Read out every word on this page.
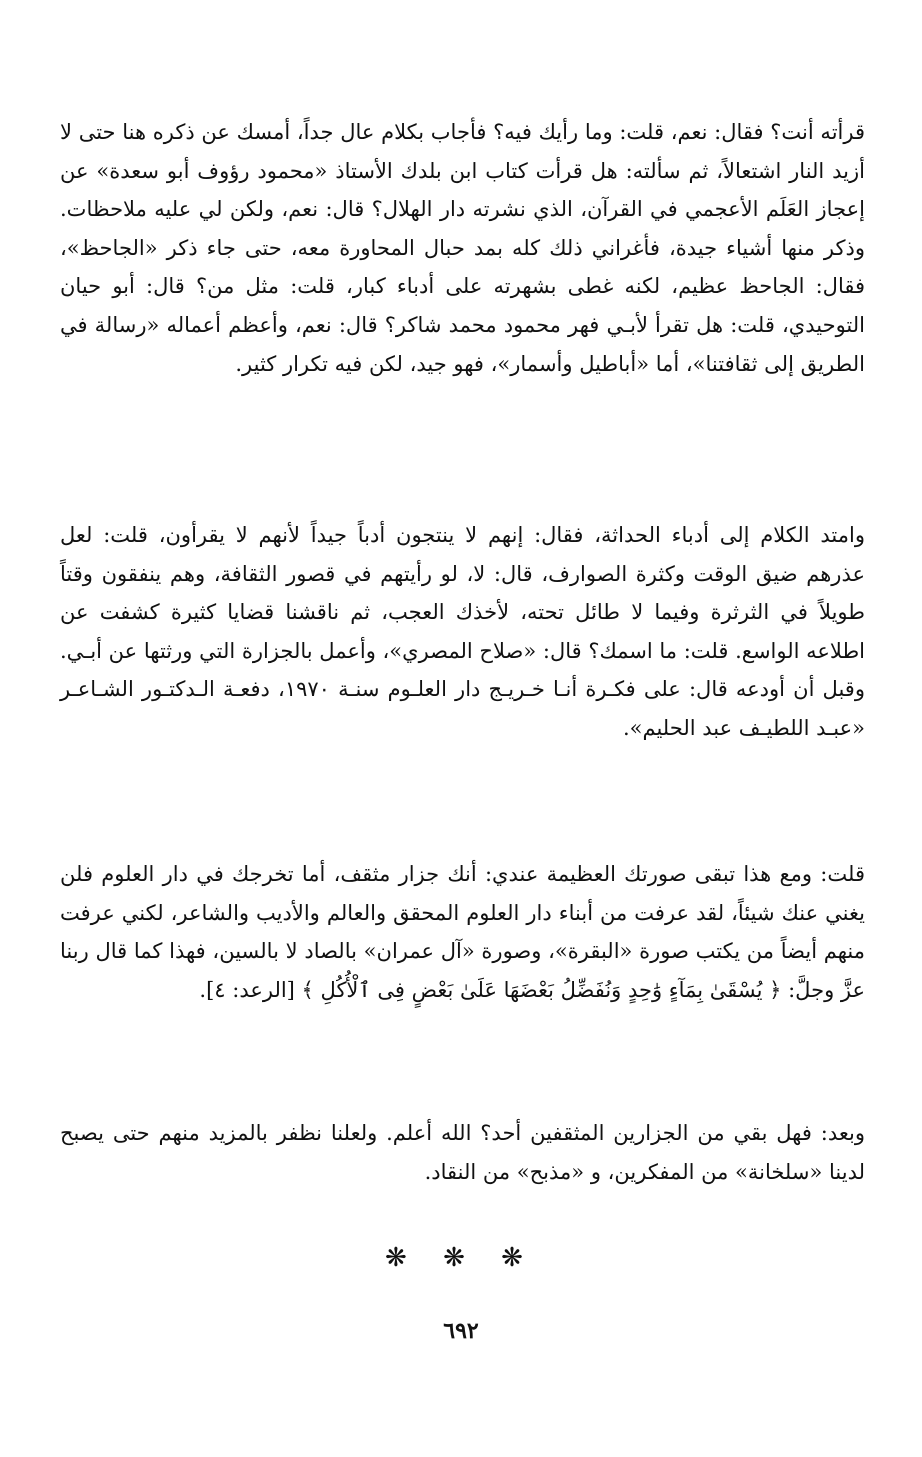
قرأته أنت؟ فقال: نعم، قلت: وما رأيك فيه؟ فأجاب بكلام عال جداً، أمسك عن ذكره هنا حتى لا أزيد النار اشتعالاً، ثم سألته: هل قرأت كتاب ابن بلدك الأستاذ «محمود رؤوف أبو سعدة» عن إعجاز العَلَم الأعجمي في القرآن، الذي نشرته دار الهلال؟ قال: نعم، ولكن لي عليه ملاحظات. وذكر منها أشياء جيدة، فأغراني ذلك كله بمد حبال المحاورة معه، حتى جاء ذكر «الجاحظ»، فقال: الجاحظ عظيم، لكنه غطى بشهرته على أدباء كبار، قلت: مثل من؟ قال: أبو حيان التوحيدي، قلت: هل تقرأ لأبـي فهر محمود محمد شاكر؟ قال: نعم، وأعظم أعماله «رسالة في الطريق إلى ثقافتنا»، أما «أباطيل وأسمار»، فهو جيد، لكن فيه تكرار كثير.

وامتد الكلام إلى أدباء الحداثة، فقال: إنهم لا ينتجون أدباً جيداً لأنهم لا يقرأون، قلت: لعل عذرهم ضيق الوقت وكثرة الصوارف، قال: لا، لو رأيتهم في قصور الثقافة، وهم ينفقون وقتاً طويلاً في الثرثرة وفيما لا طائل تحته، لأخذك العجب، ثم ناقشنا قضايا كثيرة كشفت عن اطلاعه الواسع. قلت: ما اسمك؟ قال: «صلاح المصري»، وأعمل بالجزارة التي ورثتها عن أبـي. وقبل أن أودعه قال: على فكـرة أنـا خـريـج دار العلـوم سنـة ١٩٧٠، دفعـة الـدكتـور الشـاعـر «عبـد اللطيـف عبد الحليم».

قلت: ومع هذا تبقى صورتك العظيمة عندي: أنك جزار مثقف، أما تخرجك في دار العلوم فلن يغني عنك شيئاً، لقد عرفت من أبناء دار العلوم المحقق والعالم والأديب والشاعر، لكني عرفت منهم أيضاً من يكتب صورة «البقرة»، وصورة «آل عمران» بالصاد لا بالسين، فهذا كما قال ربنا عزَّ وجلَّ: ﴿ يُسْقَىٰ بِمَآءٍ وَٰحِدٍ وَنُفَضِّلُ بَعْضَهَا عَلَىٰ بَعْضٍ فِى ٱلْأُكُلِ ﴾ [الرعد: ٤].

وبعد: فهل بقي من الجزارين المثقفين أحد؟ الله أعلم. ولعلنا نظفر بالمزيد منهم حتى يصبح لدينا «سلخانة» من المفكرين، و «مذبح» من النقاد.

❋ ❋ ❋
٦٩٢
